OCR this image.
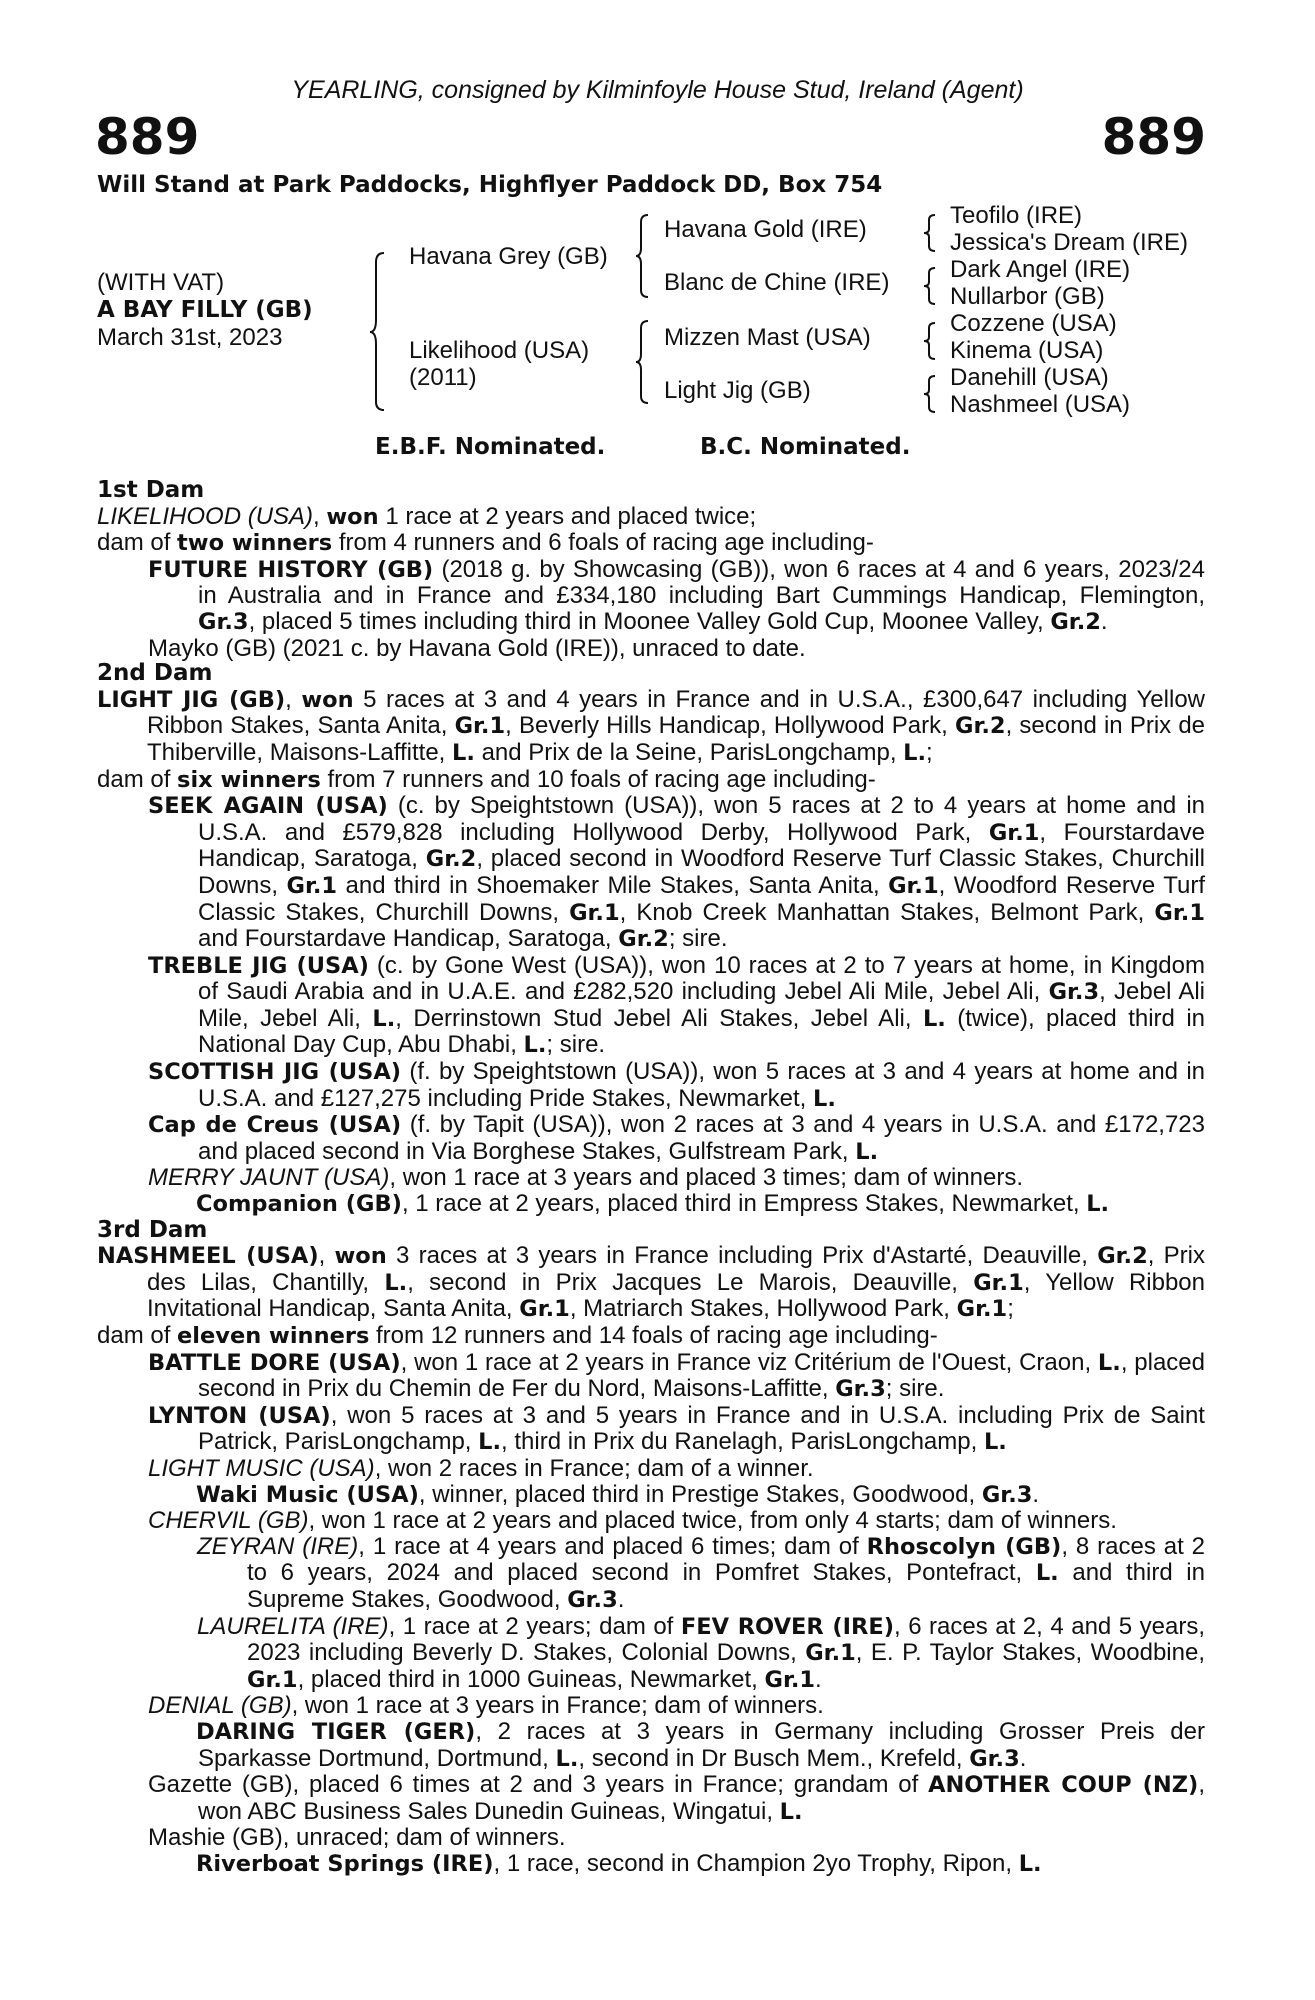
YEARLING, consigned by Kilminfoyle House Stud, Ireland (Agent)
889	889
Will Stand at Park Paddocks, Highflyer Paddock DD, Box 754
(WITH VAT)
A BAY FILLY (GB)
March 31st, 2023
Havana Grey (GB)
Likelihood (USA)
(2011)
Havana Gold (IRE)
Blanc de Chine (IRE)
Mizzen Mast (USA)
Light Jig (GB)
Teofilo (IRE)
Jessica's Dream (IRE)
Dark Angel (IRE)
Nullarbor (GB)
Cozzene (USA)
Kinema (USA)
Danehill (USA)
Nashmeel (USA)
E.B.F. Nominated.	B.C. Nominated.
1st Dam
LIKELIHOOD (USA), won 1 race at 2 years and placed twice;
dam of two winners from 4 runners and 6 foals of racing age including-
FUTURE HISTORY (GB) (2018 g. by Showcasing (GB)), won 6 races at 4 and 6 years, 2023/24 in Australia and in France and £334,180 including Bart Cummings Handicap, Flemington, Gr.3, placed 5 times including third in Moonee Valley Gold Cup, Moonee Valley, Gr.2.
Mayko (GB) (2021 c. by Havana Gold (IRE)), unraced to date.
2nd Dam
LIGHT JIG (GB), won 5 races at 3 and 4 years in France and in U.S.A., £300,647 including Yellow Ribbon Stakes, Santa Anita, Gr.1, Beverly Hills Handicap, Hollywood Park, Gr.2, second in Prix de Thiberville, Maisons-Laffitte, L. and Prix de la Seine, ParisLongchamp, L.;
dam of six winners from 7 runners and 10 foals of racing age including-
SEEK AGAIN (USA) (c. by Speightstown (USA)), won 5 races at 2 to 4 years at home and in U.S.A. and £579,828 including Hollywood Derby, Hollywood Park, Gr.1, Fourstardave Handicap, Saratoga, Gr.2, placed second in Woodford Reserve Turf Classic Stakes, Churchill Downs, Gr.1 and third in Shoemaker Mile Stakes, Santa Anita, Gr.1, Woodford Reserve Turf Classic Stakes, Churchill Downs, Gr.1, Knob Creek Manhattan Stakes, Belmont Park, Gr.1 and Fourstardave Handicap, Saratoga, Gr.2; sire.
TREBLE JIG (USA) (c. by Gone West (USA)), won 10 races at 2 to 7 years at home, in Kingdom of Saudi Arabia and in U.A.E. and £282,520 including Jebel Ali Mile, Jebel Ali, Gr.3, Jebel Ali Mile, Jebel Ali, L., Derrinstown Stud Jebel Ali Stakes, Jebel Ali, L. (twice), placed third in National Day Cup, Abu Dhabi, L.; sire.
SCOTTISH JIG (USA) (f. by Speightstown (USA)), won 5 races at 3 and 4 years at home and in U.S.A. and £127,275 including Pride Stakes, Newmarket, L.
Cap de Creus (USA) (f. by Tapit (USA)), won 2 races at 3 and 4 years in U.S.A. and £172,723 and placed second in Via Borghese Stakes, Gulfstream Park, L.
MERRY JAUNT (USA), won 1 race at 3 years and placed 3 times; dam of winners.
  Companion (GB), 1 race at 2 years, placed third in Empress Stakes, Newmarket, L.
3rd Dam
NASHMEEL (USA), won 3 races at 3 years in France including Prix d'Astarté, Deauville, Gr.2, Prix des Lilas, Chantilly, L., second in Prix Jacques Le Marois, Deauville, Gr.1, Yellow Ribbon Invitational Handicap, Santa Anita, Gr.1, Matriarch Stakes, Hollywood Park, Gr.1;
dam of eleven winners from 12 runners and 14 foals of racing age including-
BATTLE DORE (USA), won 1 race at 2 years in France viz Critérium de l'Ouest, Craon, L., placed second in Prix du Chemin de Fer du Nord, Maisons-Laffitte, Gr.3; sire.
LYNTON (USA), won 5 races at 3 and 5 years in France and in U.S.A. including Prix de Saint Patrick, ParisLongchamp, L., third in Prix du Ranelagh, ParisLongchamp, L.
LIGHT MUSIC (USA), won 2 races in France; dam of a winner.
  Waki Music (USA), winner, placed third in Prestige Stakes, Goodwood, Gr.3.
CHERVIL (GB), won 1 race at 2 years and placed twice, from only 4 starts; dam of winners.
ZEYRAN (IRE), 1 race at 4 years and placed 6 times; dam of Rhoscolyn (GB), 8 races at 2 to 6 years, 2024 and placed second in Pomfret Stakes, Pontefract, L. and third in Supreme Stakes, Goodwood, Gr.3.
LAURELITA (IRE), 1 race at 2 years; dam of FEV ROVER (IRE), 6 races at 2, 4 and 5 years, 2023 including Beverly D. Stakes, Colonial Downs, Gr.1, E. P. Taylor Stakes, Woodbine, Gr.1, placed third in 1000 Guineas, Newmarket, Gr.1.
DENIAL (GB), won 1 race at 3 years in France; dam of winners.
  DARING TIGER (GER), 2 races at 3 years in Germany including Grosser Preis der Sparkasse Dortmund, Dortmund, L., second in Dr Busch Mem., Krefeld, Gr.3.
Gazette (GB), placed 6 times at 2 and 3 years in France; grandam of ANOTHER COUP (NZ), won ABC Business Sales Dunedin Guineas, Wingatui, L.
Mashie (GB), unraced; dam of winners.
  Riverboat Springs (IRE), 1 race, second in Champion 2yo Trophy, Ripon, L.
